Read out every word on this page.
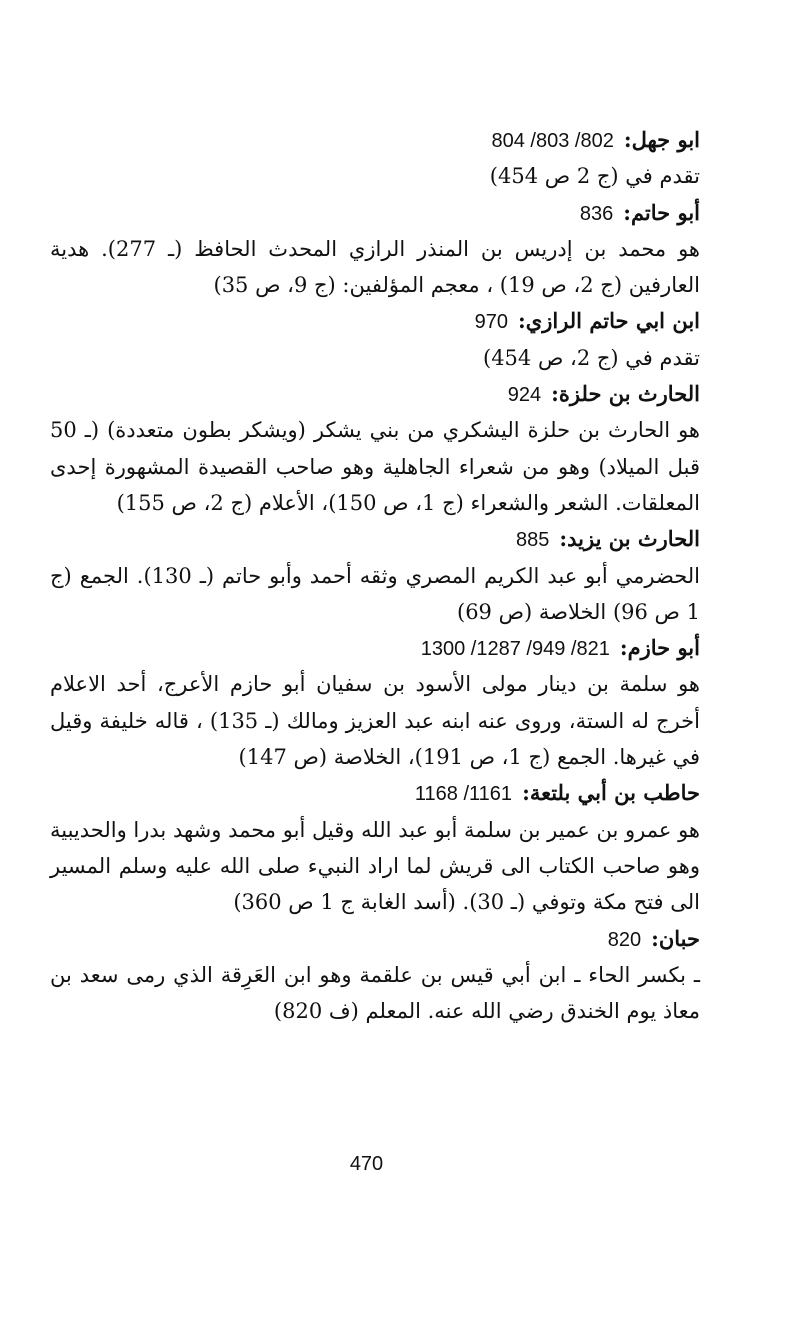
ابو جهل:802/ 803/ 804
تقدم في (ج 2 ص 454)
أبو حاتم:836
هو محمد بن إدريس بن المنذر الرازي المحدث الحافظ (ـ 277). هدية العارفين (ج 2، ص 19) ، معجم المؤلفين: (ج 9، ص 35)
ابن ابي حاتم الرازي:970
تقدم في (ج 2، ص 454)
الحارث بن حلزة:924
هو الحارث بن حلزة اليشكري من بني يشكر (ويشكر بطون متعددة) (ـ 50 قبل الميلاد) وهو من شعراء الجاهلية وهو صاحب القصيدة المشهورة إحدى المعلقات. الشعر والشعراء (ج 1، ص 150)، الأعلام (ج 2، ص 155)
الحارث بن يزيد:885
الحضرمي أبو عبد الكريم المصري وثقه أحمد وأبو حاتم (ـ 130). الجمع (ج 1 ص 96) الخلاصة (ص 69)
أبو حازم:821/ 949/ 1287/ 1300
هو سلمة بن دينار مولى الأسود بن سفيان أبو حازم الأعرج، أحد الاعلام أخرج له الستة، وروى عنه ابنه عبد العزيز ومالك (ـ 135) ، قاله خليفة وقيل في غيرها. الجمع (ج 1، ص 191)، الخلاصة (ص 147)
حاطب بن أبي بلتعة:1161/ 1168
هو عمرو بن عمير بن سلمة أبو عبد الله وقيل أبو محمد وشهد بدرا والحديبية وهو صاحب الكتاب الى قريش لما اراد النبيء صلى الله عليه وسلم المسير الى فتح مكة وتوفي (ـ 30). (أسد الغابة ج 1 ص 360)
حبان:820
ـ بكسر الحاء ـ ابن أبي قيس بن علقمة وهو ابن العَرِقة الذي رمى سعد بن معاذ يوم الخندق رضي الله عنه. المعلم (ف 820)
470
